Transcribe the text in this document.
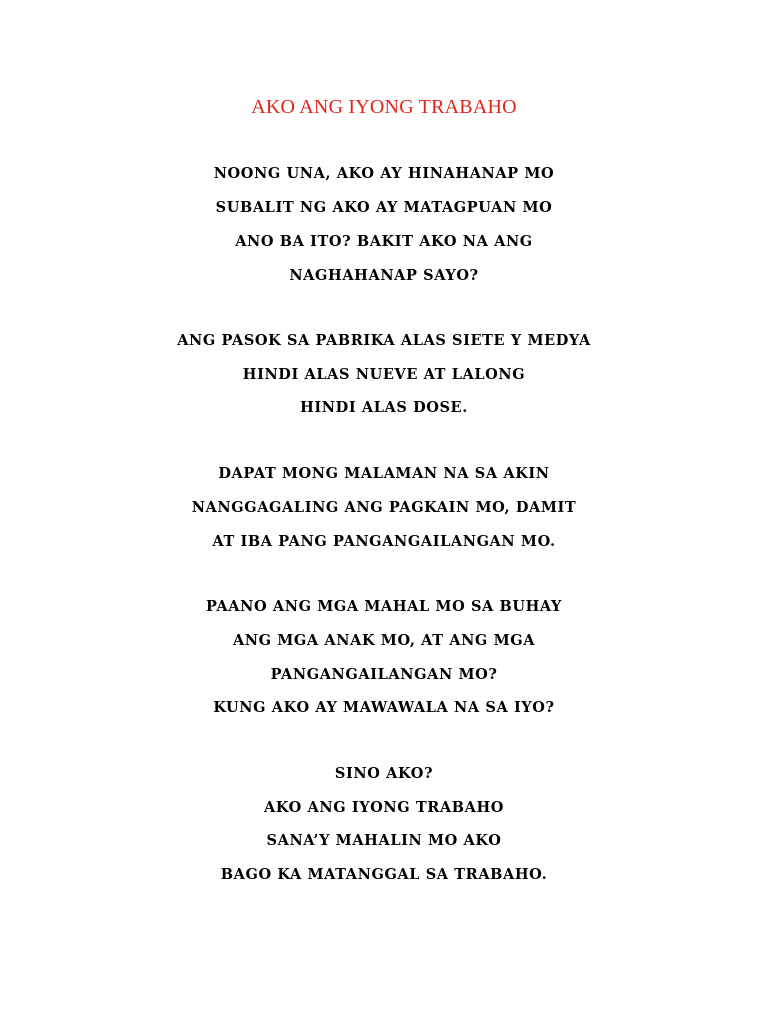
AKO ANG IYONG TRABAHO
NOONG UNA, AKO AY HINAHANAP MO
SUBALIT NG AKO AY MATAGPUAN MO
ANO BA ITO? BAKIT AKO NA ANG
NAGHAHANAP SAYO?
ANG PASOK SA PABRIKA ALAS SIETE Y MEDYA
HINDI ALAS NUEVE AT LALONG
HINDI ALAS DOSE.
DAPAT MONG MALAMAN NA SA AKIN
NANGGAGALING ANG PAGKAIN MO, DAMIT
AT IBA PANG PANGANGAILANGAN MO.
PAANO ANG MGA MAHAL MO SA BUHAY
ANG MGA ANAK MO, AT ANG MGA
PANGANGAILANGAN MO?
KUNG AKO AY MAWAWALA NA SA IYO?
SINO AKO?
AKO ANG IYONG TRABAHO
SANA’Y MAHALIN MO AKO
BAGO KA MATANGGAL SA TRABAHO.
